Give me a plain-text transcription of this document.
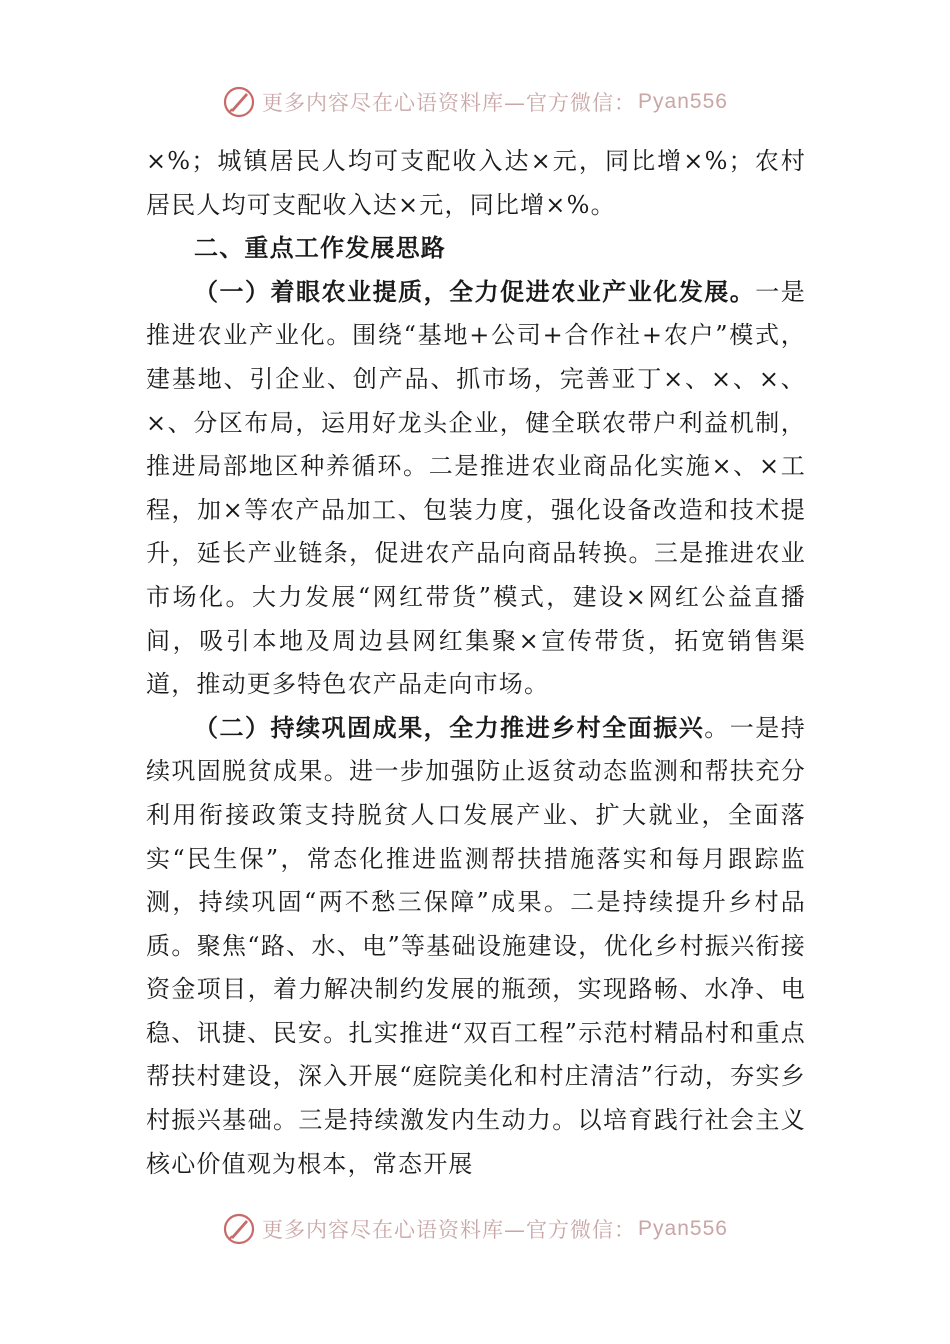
更多内容尽在心语资料库—官方微信： Pyan556

×%；城镇居民人均可支配收入达×元，同比增×%；农村居民人均可支配收入达×元，同比增×%。

二、重点工作发展思路

（一）着眼农业提质，全力促进农业产业化发展。一是推进农业产业化。围绕“基地+公司+合作社+农户”模式，建基地、引企业、创产品、抓市场，完善亚丁×、×、×、×、分区布局，运用好龙头企业，健全联农带户利益机制，推进局部地区种养循环。二是推进农业商品化实施×、×工程，加×等农产品加工、包装力度，强化设备改造和技术提升，延长产业链条，促进农产品向商品转换。三是推进农业市场化。大力发展“网红带货”模式，建设×网红公益直播间，吸引本地及周边县网红集聚×宣传带货，拓宽销售渠道，推动更多特色农产品走向市场。

（二）持续巩固成果，全力推进乡村全面振兴。一是持续巩固脱贫成果。进一步加强防止返贫动态监测和帮扶充分利用衔接政策支持脱贫人口发展产业、扩大就业，全面落实“民生保”，常态化推进监测帮扶措施落实和每月跟踪监测，持续巩固“两不愁三保障”成果。二是持续提升乡村品质。聚焦“路、水、电”等基础设施建设，优化乡村振兴衔接资金项目，着力解决制约发展的瓶颈，实现路畅、水净、电稳、讯捷、民安。扎实推进“双百工程”示范村精品村和重点帮扶村建设，深入开展“庭院美化和村庄清洁”行动，夯实乡村振兴基础。三是持续激发内生动力。以培育践行社会主义核心价值观为根本，常态开展

更多内容尽在心语资料库—官方微信： Pyan556
